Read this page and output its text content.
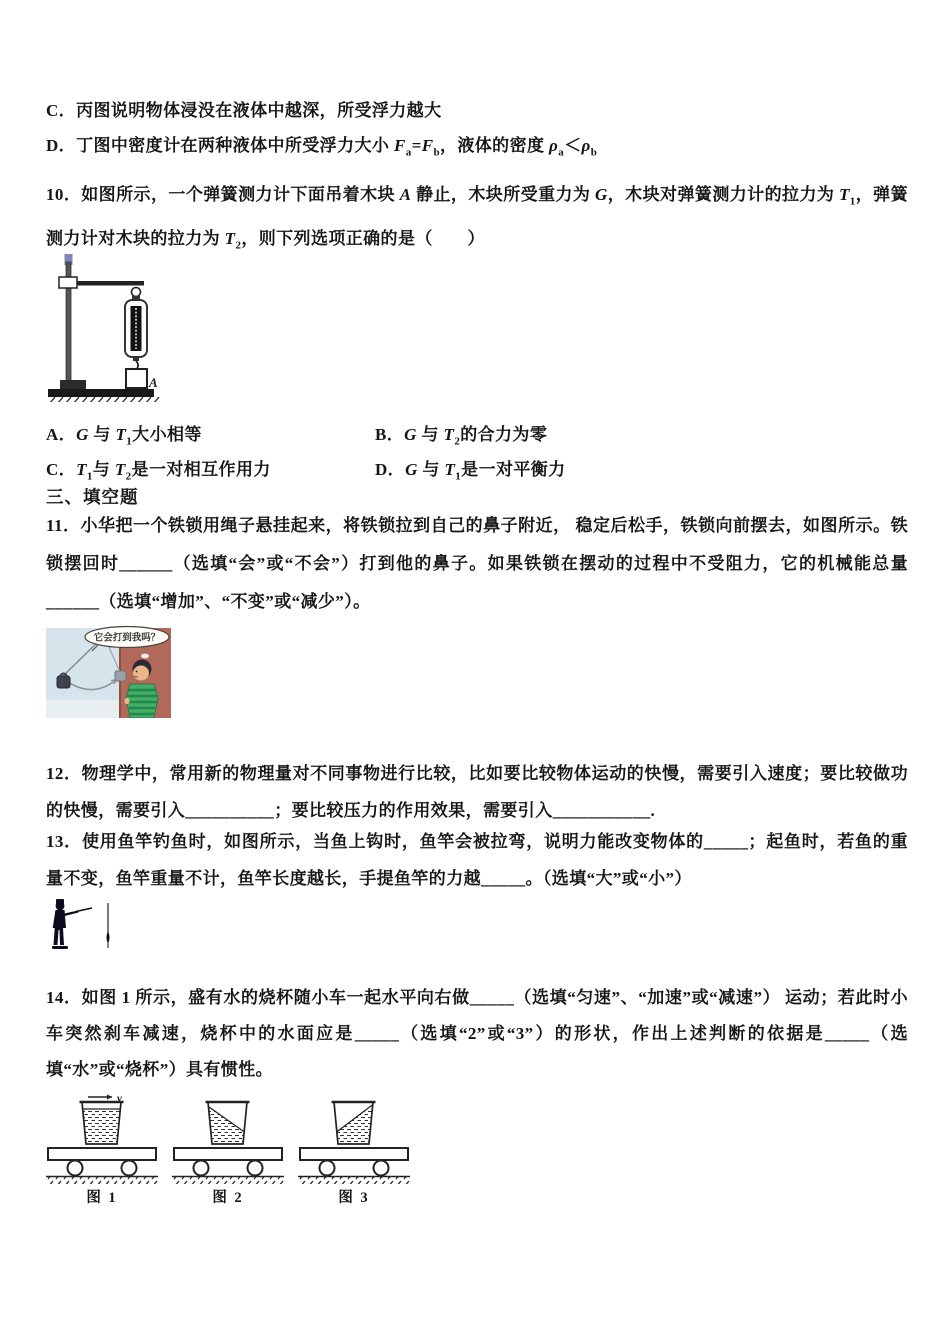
C．丙图说明物体浸没在液体中越深，所受浮力越大
D．丁图中密度计在两种液体中所受浮力大小 $F_a=F_b$，液体的密度 $\rho_a<\rho_b$
10．如图所示，一个弹簧测力计下面吊着木块 A 静止，木块所受重力为 G，木块对弹簧测力计的拉力为 $T_1$，弹簧测力计对木块的拉力为 $T_2$，则下列选项正确的是（　　）
A
A．G 与 $T_1$大小相等	B．G 与 $T_2$的合力为零
C．$T_1$与 $T_2$是一对相互作用力	D．G 与 $T_1$是一对平衡力
三、填空题
11．小华把一个铁锁用绳子悬挂起来，将铁锁拉到自己的鼻子附近， 稳定后松手，铁锁向前摆去，如图所示。铁锁摆回时______（选填“会”或“不会”）打到他的鼻子。如果铁锁在摆动的过程中不受阻力，它的机械能总量______（选填“增加”、“不变”或“减少”）。
它会打到我吗？
12．物理学中，常用新的物理量对不同事物进行比较，比如要比较物体运动的快慢，需要引入速度；要比较做功的快慢，需要引入__________；要比较压力的作用效果，需要引入___________.
13．使用鱼竿钓鱼时，如图所示，当鱼上钩时，鱼竿会被拉弯，说明力能改变物体的_____；起鱼时，若鱼的重量不变，鱼竿重量不计，鱼竿长度越长，手提鱼竿的力越_____。（选填“大”或“小”）
14．如图 1 所示，盛有水的烧杯随小车一起水平向右做_____（选填“匀速”、“加速”或“减速”） 运动；若此时小车突然刹车减速，烧杯中的水面应是_____（选填“2”或“3”）的形状，作出上述判断的依据是_____（选填“水”或“烧杯”）具有惯性。
v
图 1	图 2	图 3
